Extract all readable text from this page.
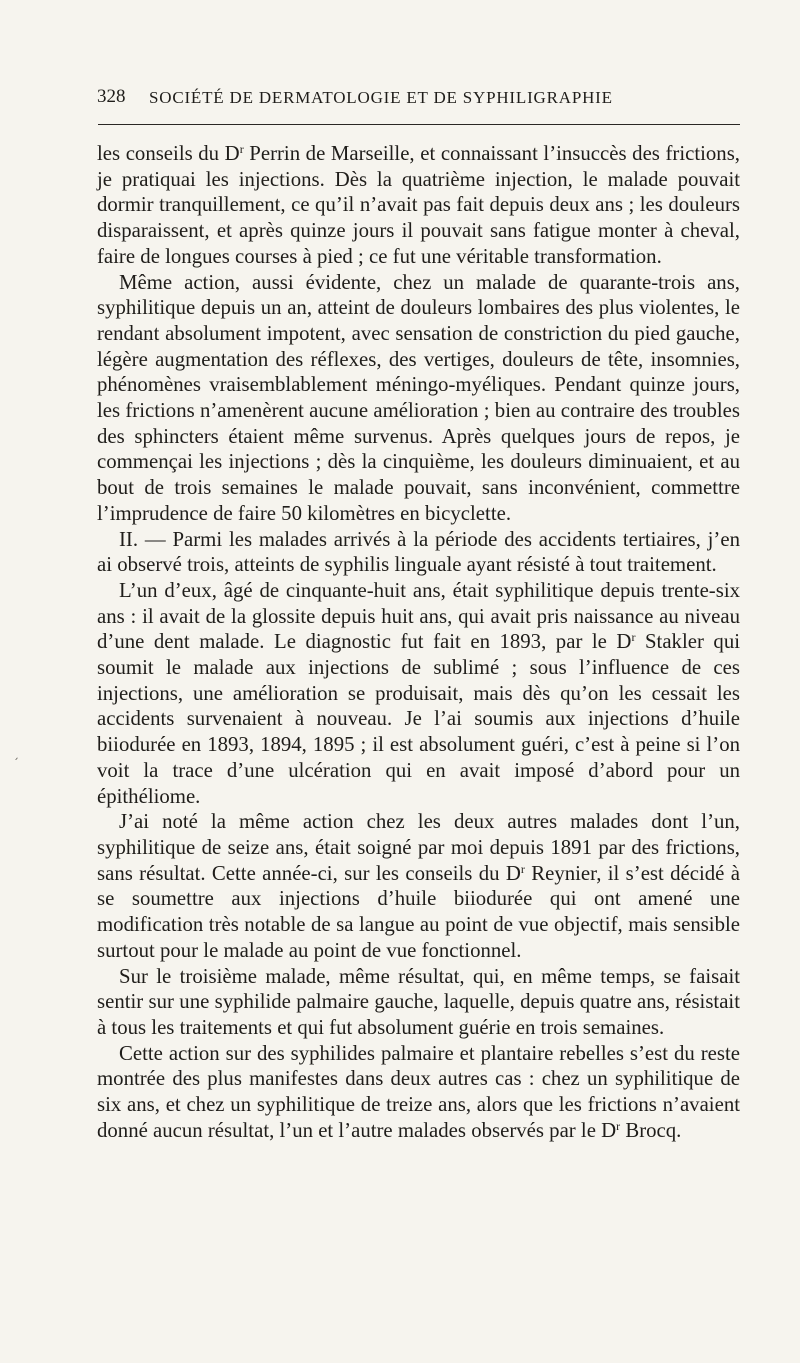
328 SOCIÉTÉ DE DERMATOLOGIE ET DE SYPHILIGRAPHIE

les conseils du $D^r$ Perrin de Marseille, et connaissant l’insuccès des frictions, je pratiquai les injections. Dès la quatrième injection, le malade pouvait dormir tranquillement, ce qu’il n’avait pas fait depuis deux ans ; les douleurs disparaissent, et après quinze jours il pouvait sans fatigue monter à cheval, faire de longues courses à pied ; ce fut une véritable transformation.

Même action, aussi évidente, chez un malade de quarante-trois ans, syphilitique depuis un an, atteint de douleurs lombaires des plus violentes, le rendant absolument impotent, avec sensation de constriction du pied gauche, légère augmentation des réflexes, des vertiges, douleurs de tête, insomnies, phénomènes vraisemblablement méningo-myéliques. Pendant quinze jours, les frictions n’amenèrent aucune amélioration ; bien au contraire des troubles des sphincters étaient même survenus. Après quelques jours de repos, je commençai les injections ; dès la cinquième, les douleurs diminuaient, et au bout de trois semaines le malade pouvait, sans inconvénient, commettre l’imprudence de faire 50 kilomètres en bicyclette.

II. — Parmi les malades arrivés à la période des accidents tertiaires, j’en ai observé trois, atteints de syphilis linguale ayant résisté à tout traitement.

L’un d’eux, âgé de cinquante-huit ans, était syphilitique depuis trente-six ans : il avait de la glossite depuis huit ans, qui avait pris naissance au niveau d’une dent malade. Le diagnostic fut fait en 1893, par le $D^r$ Stakler qui soumit le malade aux injections de sublimé ; sous l’influence de ces injections, une amélioration se produisait, mais dès qu’on les cessait les accidents survenaient à nouveau. Je l’ai soumis aux injections d’huile biiodurée en 1893, 1894, 1895 ; il est absolument guéri, c’est à peine si l’on voit la trace d’une ulcération qui en avait imposé d’abord pour un épithéliome.

J’ai noté la même action chez les deux autres malades dont l’un, syphilitique de seize ans, était soigné par moi depuis 1891 par des frictions, sans résultat. Cette année-ci, sur les conseils du $D^r$ Reynier, il s’est décidé à se soumettre aux injections d’huile biiodurée qui ont amené une modification très notable de sa langue au point de vue objectif, mais sensible surtout pour le malade au point de vue fonctionnel.

Sur le troisième malade, même résultat, qui, en même temps, se faisait sentir sur une syphilide palmaire gauche, laquelle, depuis quatre ans, résistait à tous les traitements et qui fut absolument guérie en trois semaines.

Cette action sur des syphilides palmaire et plantaire rebelles s’est du reste montrée des plus manifestes dans deux autres cas : chez un syphilitique de six ans, et chez un syphilitique de treize ans, alors que les frictions n’avaient donné aucun résultat, l’un et l’autre malades observés par le $D^r$ Brocq.

ˏ
